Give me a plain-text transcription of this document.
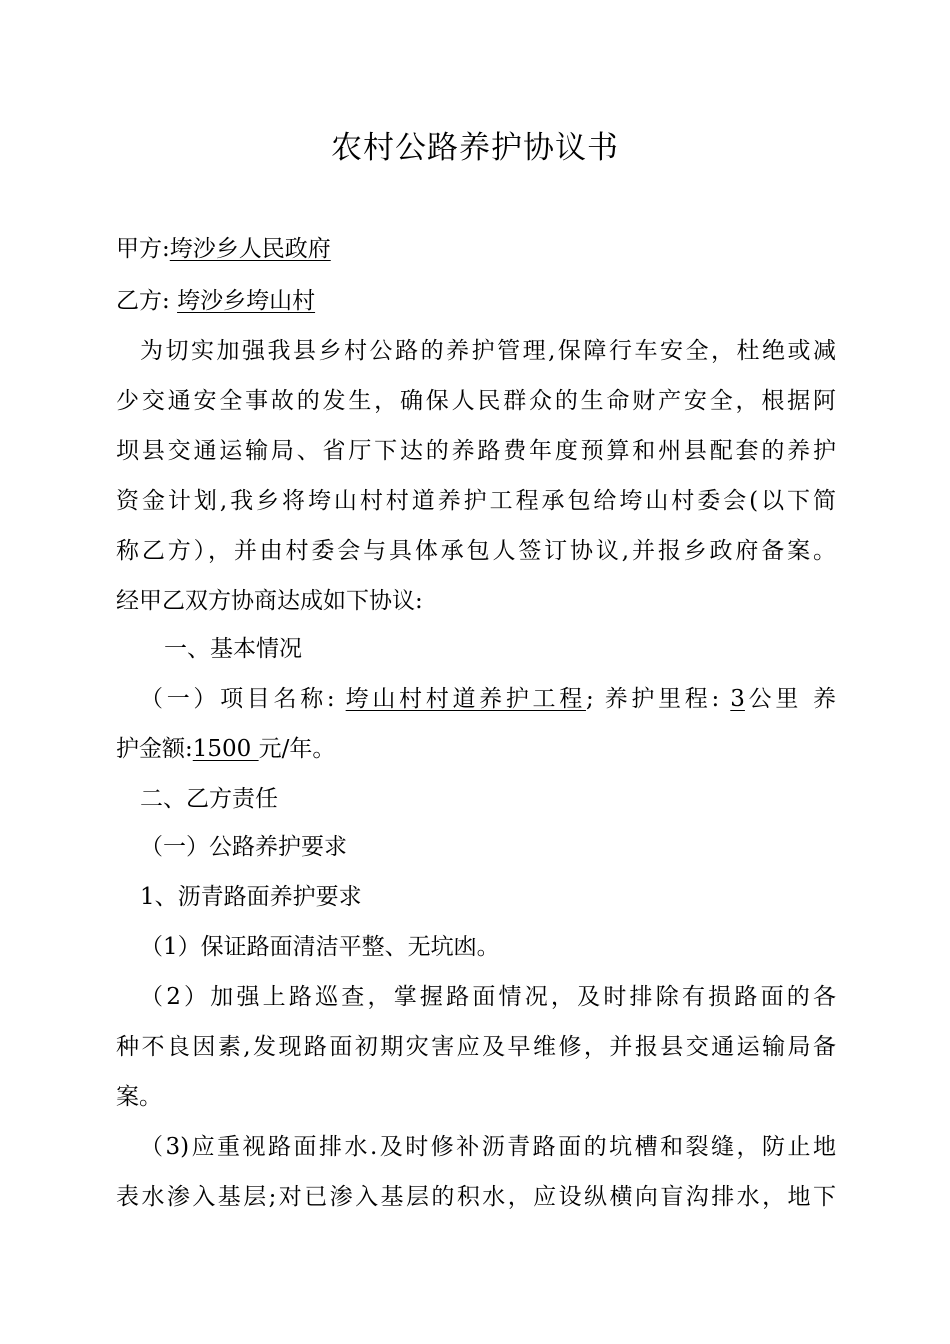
农村公路养护协议书

甲方:垮沙乡人民政府

乙方: 垮沙乡垮山村

为切实加强我县乡村公路的养护管理,保障行车安全，杜绝或减

少交通安全事故的发生，确保人民群众的生命财产安全，根据阿

坝县交通运输局、省厅下达的养路费年度预算和州县配套的养护

资金计划,我乡将垮山村村道养护工程承包给垮山村委会(以下简

称乙方），并由村委会与具体承包人签订协议,并报乡政府备案。

经甲乙双方协商达成如下协议:

一、基本情况

（一）项目名称: 垮山村村道养护工程; 养护里程: 3公里 养

护金额:1500 元/年。

二、乙方责任

（一）公路养护要求

1、沥青路面养护要求

（1）保证路面清洁平整、无坑凼。

（2）加强上路巡查，掌握路面情况，及时排除有损路面的各

种不良因素,发现路面初期灾害应及早维修，并报县交通运输局备

案。

（3)应重视路面排水.及时修补沥青路面的坑槽和裂缝，防止地

表水渗入基层;对已渗入基层的积水，应设纵横向盲沟排水，地下
